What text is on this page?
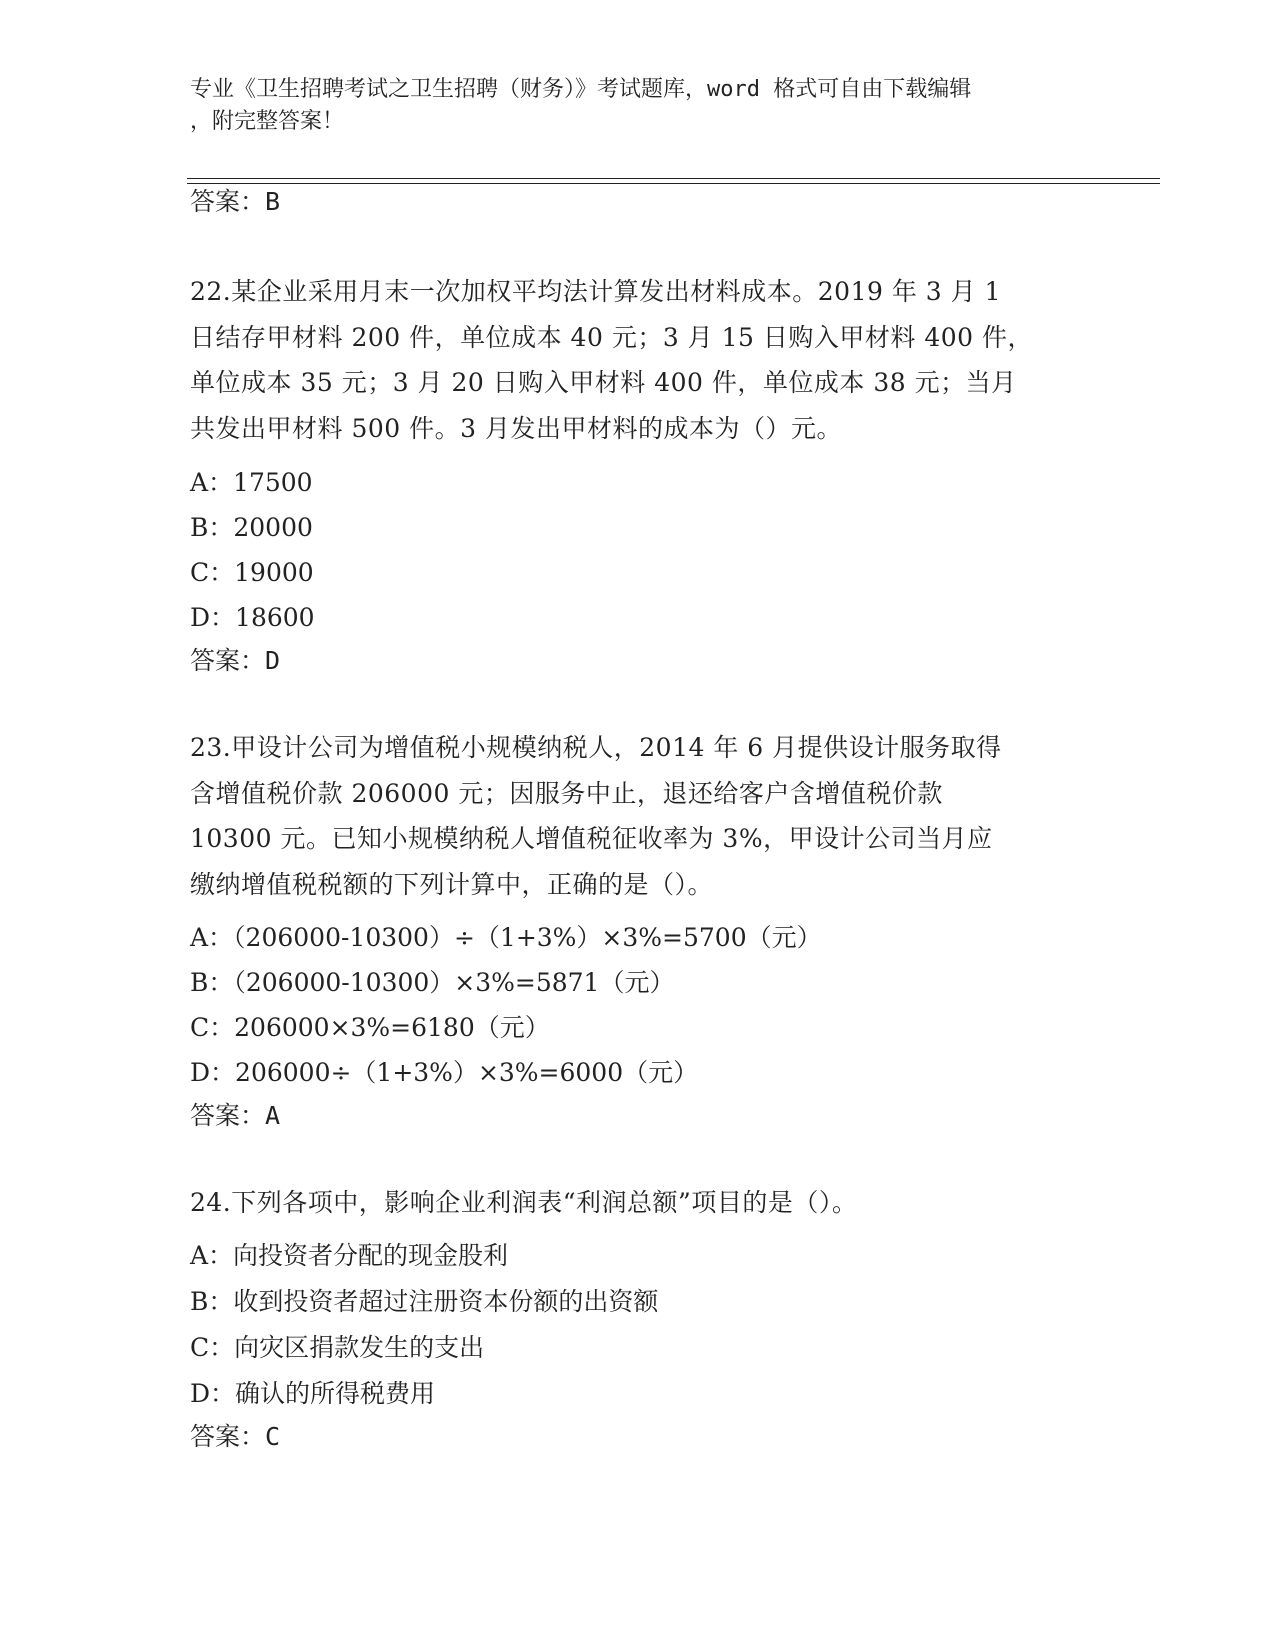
专业《卫生招聘考试之卫生招聘（财务）》考试题库，word 格式可自由下载编辑
，附完整答案！
答案：B
22.某企业采用月末一次加权平均法计算发出材料成本。2019 年 3 月 1
日结存甲材料 200 件，单位成本 40 元；3 月 15 日购入甲材料 400 件，
单位成本 35 元；3 月 20 日购入甲材料 400 件，单位成本 38 元；当月
共发出甲材料 500 件。3 月发出甲材料的成本为（）元。
A：17500
B：20000
C：19000
D：18600
答案：D
23.甲设计公司为增值税小规模纳税人，2014 年 6 月提供设计服务取得
含增值税价款 206000 元；因服务中止，退还给客户含增值税价款
10300 元。已知小规模纳税人增值税征收率为 3%，甲设计公司当月应
缴纳增值税税额的下列计算中，正确的是（）。
A：（206000-10300）÷（1+3%）×3%=5700（元）
B：（206000-10300）×3%=5871（元）
C：206000×3%=6180（元）
D：206000÷（1+3%）×3%=6000（元）
答案：A
24.下列各项中，影响企业利润表“利润总额”项目的是（）。
A：向投资者分配的现金股利
B：收到投资者超过注册资本份额的出资额
C：向灾区捐款发生的支出
D：确认的所得税费用
答案：C
